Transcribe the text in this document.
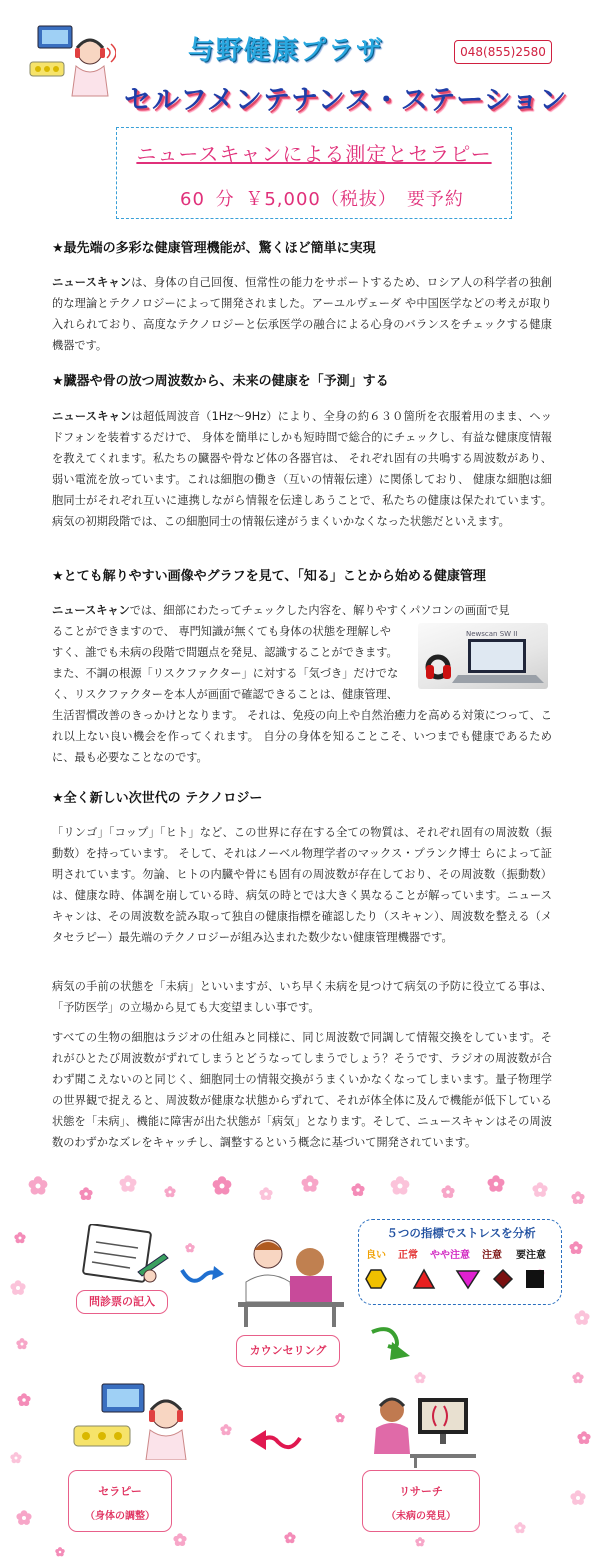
与野健康プラザ	048(855)2580
セルフメンテナンス・ステーション
ニュースキャンによる測定とセラピー
60 分 ￥5,000（税抜）　要予約
★最先端の多彩な健康管理機能が、驚くほど簡単に実現
ニュースキャンは、身体の自己回復、恒常性の能力をサポートするため、ロシア人の科学者の独創的な理論とテクノロジーによって開発されました。アーユルヴェーダ や中国医学などの考えが取り入れられており、高度なテクノロジーと伝承医学の融合による心身のバランスをチェックする健康機器です。
★臓器や骨の放つ周波数から、未来の健康を「予測」する
ニュースキャンは超低周波音（1Hz～9Hz）により、全身の約６３０箇所を衣服着用のまま、ヘッドフォンを装着するだけで、 身体を簡単にしかも短時間で総合的にチェックし、有益な健康度情報を教えてくれます。私たちの臓器や骨など体の各器官は、 それぞれ固有の共鳴する周波数があり、弱い電流を放っています。これは細胞の働き（互いの情報伝達）に関係しており、 健康な細胞は細胞同士がそれぞれ互いに連携しながら情報を伝達しあうことで、私たちの健康は保たれています。 病気の初期段階では、この細胞同士の情報伝達がうまくいかなくなった状態だといえます。
★とても解りやすい画像やグラフを見て、「知る」ことから始める健康管理
ニュースキャンでは、細部にわたってチェックした内容を、解りやすくパソコンの画面で見
ることができますので、 専門知識が無くても身体の状態を理解しや
すく、誰でも未病の段階で問題点を発見、認識することができます。
また、不調の根源「リスクファクター」に対する「気づき」だけでな
く、リスクファクターを本人が画面で確認できることは、健康管理、
生活習慣改善のきっかけとなります。 それは、免疫の向上や自然治癒力を高める対策につって、これ以上ない良い機会を作ってくれます。 自分の身体を知ることこそ、いつまでも健康であるために、最も必要なことなのです。
Newscan SW II
★全く新しい次世代の テクノロジー
「リンゴ」「コップ」「ヒト」など、この世界に存在する全ての物質は、それぞれ固有の周波数（振動数）を持っています。 そして、それはノーベル物理学者のマックス・プランク博士 らによって証明されています。勿論、ヒトの内臓や骨にも固有の周波数が存在しており、その周波数（振動数）は、健康な時、体調を崩している時、病気の時とでは大きく異なることが解っています。ニュースキャンは、その周波数を読み取って独自の健康指標を確認したり（スキャン）、周波数を整える（メタセラピー）最先端のテクノロジーが組み込まれた数少ない健康管理機器です。
病気の手前の状態を「未病」といいますが、いち早く未病を見つけて病気の予防に役立てる事は、「予防医学」の立場から見ても大変望ましい事です。
すべての生物の細胞はラジオの仕組みと同様に、同じ周波数で同調して情報交換をしています。それがひとたび周波数がずれてしまうとどうなってしまうでしょう？そうです、ラジオの周波数が合わず聞こえないのと同じく、細胞同士の情報交換がうまくいかなくなってしまいます。量子物理学の世界観で捉えると、周波数が健康な状態からずれて、それが体全体に及んで機能が低下している状態を「未病」、機能に障害が出た状態が「病気」となります。そして、ニュースキャンはその周波数のわずかなズレをキャッチし、調整するという概念に基づいて開発されています。
問診票の記入
カウンセリング
５つの指標でストレスを分析
良い 正常 やや注意 注意 要注意
セラピー
（身体の調整）
リサーチ
（未病の発見）
